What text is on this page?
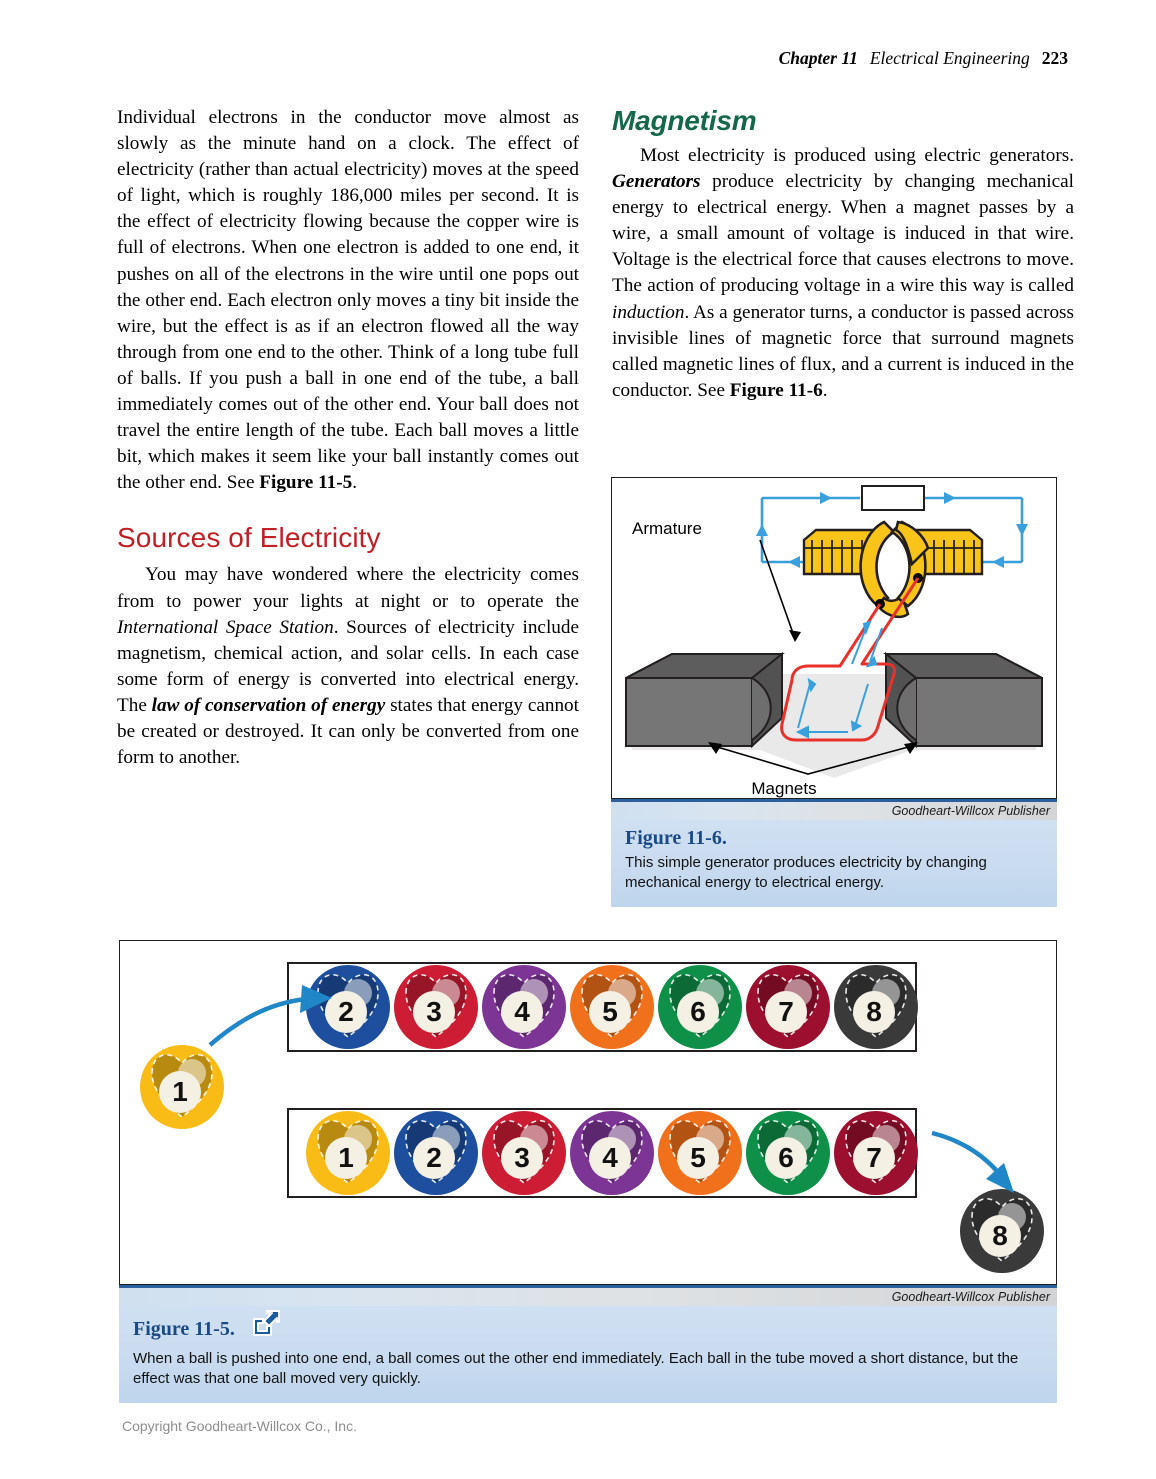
Chapter 11 Electrical Engineering 223

Individual electrons in the conductor move almost as slowly as the minute hand on a clock. The effect of electricity (rather than actual electricity) moves at the speed of light, which is roughly 186,000 miles per second. It is the effect of electricity flowing because the copper wire is full of electrons. When one electron is added to one end, it pushes on all of the electrons in the wire until one pops out the other end. Each electron only moves a tiny bit inside the wire, but the effect is as if an electron flowed all the way through from one end to the other. Think of a long tube full of balls. If you push a ball in one end of the tube, a ball immediately comes out of the other end. Your ball does not travel the entire length of the tube. Each ball moves a little bit, which makes it seem like your ball instantly comes out the other end. See Figure 11-5.

Sources of Electricity

You may have wondered where the electricity comes from to power your lights at night or to operate the International Space Station. Sources of electricity include magnetism, chemical action, and solar cells. In each case some form of energy is converted into electrical energy. The law of conservation of energy states that energy cannot be created or destroyed. It can only be converted from one form to another.

Magnetism

Most electricity is produced using electric generators. Generators produce electricity by changing mechanical energy to electrical energy. When a magnet passes by a wire, a small amount of voltage is induced in that wire. Voltage is the electrical force that causes electrons to move. The action of producing voltage in a wire this way is called induction. As a generator turns, a conductor is passed across invisible lines of magnetic force that surround magnets called magnetic lines of flux, and a current is induced in the conductor. See Figure 11-6.

Armature
Magnets
Goodheart-Willcox Publisher
Figure 11-6.
This simple generator produces electricity by changing mechanical energy to electrical energy.
2	3	4	5	6	7	8
1
1	2	3	4	5	6	7
8
Goodheart-Willcox Publisher
Figure 11-5.
When a ball is pushed into one end, a ball comes out the other end immediately. Each ball in the tube moved a short distance, but the effect was that one ball moved very quickly.
Copyright Goodheart-Willcox Co., Inc.
